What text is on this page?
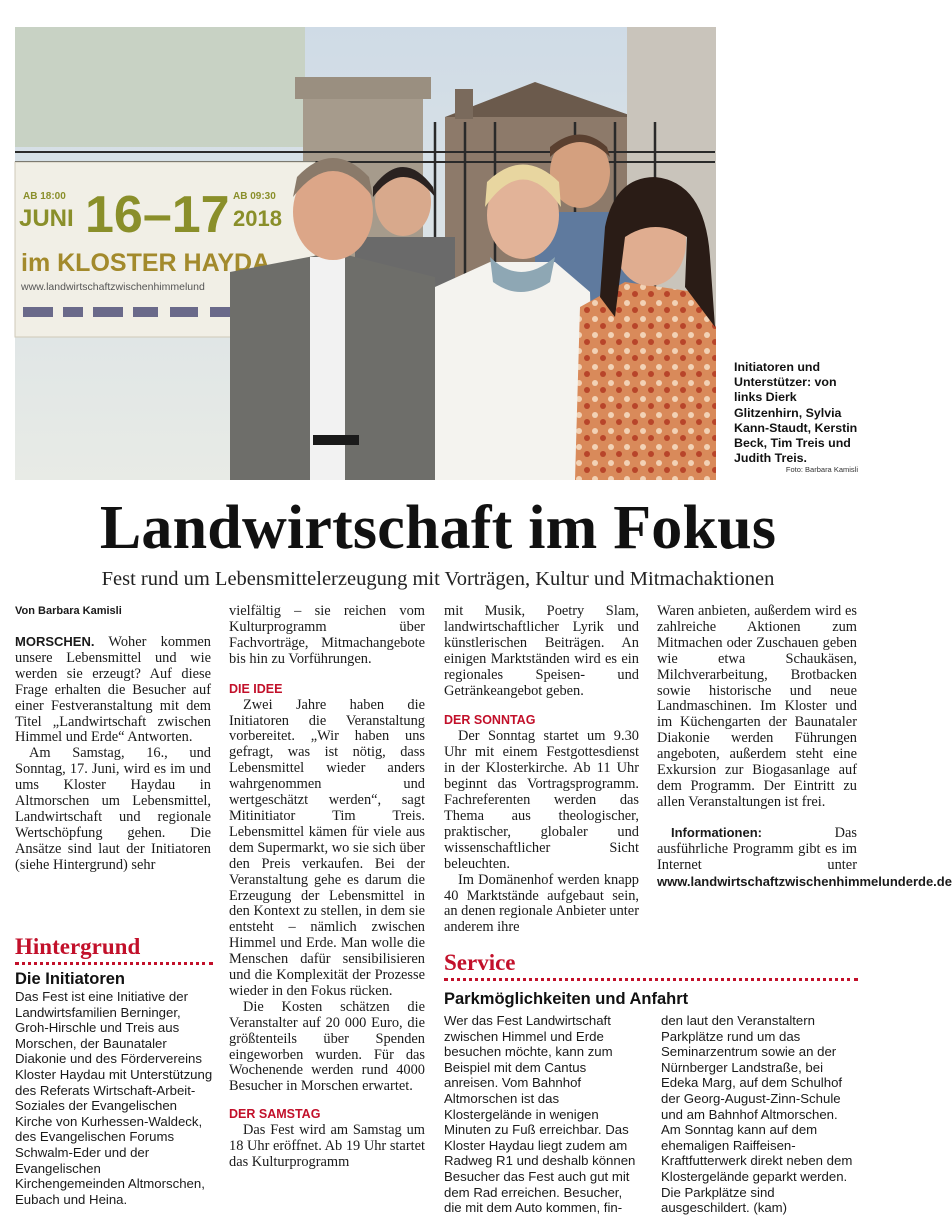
AB 18:00
JUNI 16–17 AB 09:30
2018
im KLOSTER HAYDA
www.landwirtschaftzwischenhimmelund
Initiatoren und Unterstützer: von links Dierk Glitzenhirn, Sylvia Kann-Staudt, Kerstin Beck, Tim Treis und Judith Treis.
Foto: Barbara Kamisli
Landwirtschaft im Fokus
Fest rund um Lebensmittelerzeugung mit Vorträgen, Kultur und Mitmachaktionen
Von Barbara Kamisli

MORSCHEN. Woher kommen unsere Lebensmittel und wie werden sie erzeugt? Auf diese Frage erhalten die Besucher auf einer Festveranstaltung mit dem Titel „Landwirtschaft zwischen Himmel und Erde“ Antworten.

Am Samstag, 16., und Sonntag, 17. Juni, wird es im und ums Kloster Haydau in Altmorschen um Lebensmittel, Landwirtschaft und regionale Wertschöpfung gehen. Die Ansätze sind laut der Initiatoren (siehe Hintergrund) sehr

Hintergrund
Die Initiatoren

Das Fest ist eine Initiative der Landwirtsfamilien Berninger, Groh-Hirschle und Treis aus Morschen, der Baunataler Diakonie und des Fördervereins Kloster Haydau mit Unterstützung des Referats Wirtschaft-Arbeit-Soziales der Evangelischen Kirche von Kurhessen-Waldeck, des Evangelischen Forums Schwalm-Eder und der Evangelischen Kirchengemeinden Altmorschen, Eubach und Heina.

vielfältig – sie reichen vom Kulturprogramm über Fachvorträge, Mitmachangebote bis hin zu Vorführungen.

DIE IDEE

Zwei Jahre haben die Initiatoren die Veranstaltung vorbereitet. „Wir haben uns gefragt, was ist nötig, dass Lebensmittel wieder anders wahrgenommen und wertgeschätzt werden“, sagt Mitinitiator Tim Treis. Lebensmittel kämen für viele aus dem Supermarkt, wo sie sich über den Preis verkaufen. Bei der Veranstaltung gehe es darum die Erzeugung der Lebensmittel in den Kontext zu stellen, in dem sie entsteht – nämlich zwischen Himmel und Erde. Man wolle die Menschen dafür sensibilisieren und die Komplexität der Prozesse wieder in den Fokus rücken.

Die Kosten schätzen die Veranstalter auf 20 000 Euro, die größtenteils über Spenden eingeworben wurden. Für das Wochenende werden rund 4000 Besucher in Morschen erwartet.

DER SAMSTAG

Das Fest wird am Samstag um 18 Uhr eröffnet. Ab 19 Uhr startet das Kulturprogramm

mit Musik, Poetry Slam, landwirtschaftlicher Lyrik und künstlerischen Beiträgen. An einigen Marktständen wird es ein regionales Speisen- und Getränkeangebot geben.

DER SONNTAG

Der Sonntag startet um 9.30 Uhr mit einem Festgottesdienst in der Klosterkirche. Ab 11 Uhr beginnt das Vortragsprogramm. Fachreferenten werden das Thema aus theologischer, praktischer, globaler und wissenschaftlicher Sicht beleuchten.

Im Domänenhof werden knapp 40 Marktstände aufgebaut sein, an denen regionale Anbieter unter anderem ihre

Waren anbieten, außerdem wird es zahlreiche Aktionen zum Mitmachen oder Zuschauen geben wie etwa Schaukäsen, Milchverarbeitung, Brotbacken sowie historische und neue Landmaschinen. Im Kloster und im Küchengarten der Baunataler Diakonie werden Führungen angeboten, außerdem steht eine Exkursion zur Biogasanlage auf dem Programm. Der Eintritt zu allen Veranstaltungen ist frei.

Informationen:	Das ausführliche Programm gibt es im Internet unter www.landwirtschaftzwischenhimmelunderde.de

Service
Parkmöglichkeiten und Anfahrt

Wer das Fest Landwirtschaft zwischen Himmel und Erde besuchen möchte, kann zum Beispiel mit dem Cantus anreisen. Vom Bahnhof Altmorschen ist das Klostergelände in wenigen Minuten zu Fuß erreichbar. Das Kloster Haydau liegt zudem am Radweg R1 und deshalb können Besucher das Fest auch gut mit dem Rad erreichen. Besucher, die mit dem Auto kommen, fin-

den laut den Veranstaltern Parkplätze rund um das Seminarzentrum sowie an der Nürnberger Landstraße, bei Edeka Marg, auf dem Schulhof der Georg-August-Zinn-Schule und am Bahnhof Altmorschen. Am Sonntag kann auf dem ehemaligen Raiffeisen-Kraftfutterwerk direkt neben dem Klostergelände geparkt werden. Die Parkplätze sind ausgeschildert. (kam)
